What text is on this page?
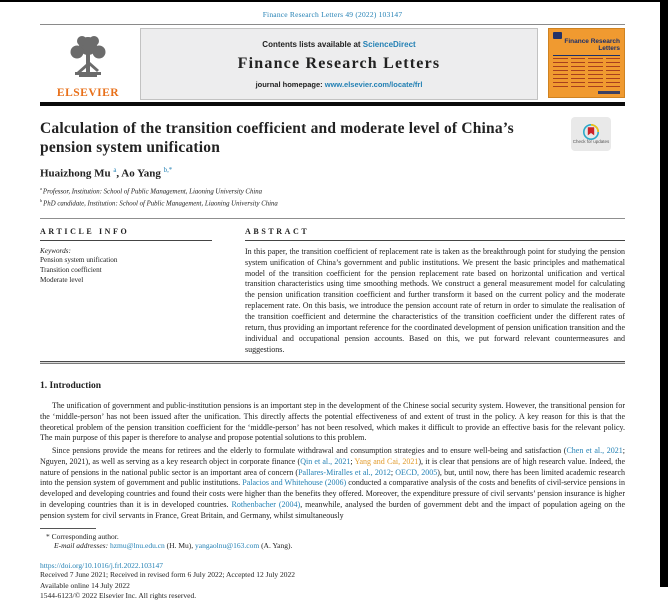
Finance Research Letters 49 (2022) 103147
ELSEVIER
Contents lists available at ScienceDirect
Finance Research Letters
journal homepage: www.elsevier.com/locate/frl
Finance Research Letters
Calculation of the transition coefficient and moderate level of China’s pension system unification	Check for updates
Huaizhong Mu $^a$, Ao Yang $^{b,*}$
$^a$ Professor, Institution: School of Public Management, Liaoning University China
$^b$ PhD candidate, Institution: School of Public Management, Liaoning University China
ARTICLE INFO
Keywords:
Pension system unification
Transition coefficient
Moderate level
ABSTRACT
In this paper, the transition coefficient of replacement rate is taken as the breakthrough point for studying the pension system unification of China’s government and public institutions. We present the basic principles and mathematical model of the transition coefficient for the pension replacement rate based on horizontal unification and vertical transition characteristics using time smoothing methods. We construct a general measurement model for calculating the pension unification transition coefficient and further transform it based on the current policy and the moderate replacement rate. On this basis, we introduce the pension account rate of return in order to simulate the realisation of the transition coefficient and determine the characteristics of the transition coefficient under the different rates of return, thus providing an important reference for the coordinated development of pension unification transition and the individual and occupational pension accounts. Based on this, we put forward relevant countermeasures and suggestions.
1. Introduction

The unification of government and public-institution pensions is an important step in the development of the Chinese social security system. However, the transitional pension for the ‘middle-person’ has not been issued after the unification. This directly affects the potential effectiveness of and extent of trust in the policy. A key reason for this is that the theoretical problem of the pension transition coefficient for the ‘middle-person’ has not been resolved, which makes it difficult to provide an effective basis for the relevant policy. The main purpose of this paper is therefore to analyse and propose potential solutions to this problem.

Since pensions provide the means for retirees and the elderly to formulate withdrawal and consumption strategies and to ensure well-being and satisfaction (Chen et al., 2021; Nguyen, 2021), as well as serving as a key research object in corporate finance (Qin et al., 2021; Yang and Cai, 2021), it is clear that pensions are of high research value. Indeed, the nature of pensions in the national public sector is an important area of concern (Pallares-Miralles et al., 2012; OECD, 2005), but, until now, there has been limited academic research into the pension system of government and public institutions. Palacios and Whitehouse (2006) conducted a comparative analysis of the costs and benefits of civil-service pensions in developed and developing countries and found their costs were higher than the benefits they offered. Moreover, the expenditure pressure of civil servants’ pension insurance is higher in developing countries than it is in developed countries. Rothenbacher (2004), meanwhile, analysed the burden of government debt and the impact of population ageing on the pension system for civil servants in France, Great Britain, and Germany, whilst simultaneously

* Corresponding author.
E-mail addresses: hzmu@lnu.edu.cn (H. Mu), yangaolnu@163.com (A. Yang).
https://doi.org/10.1016/j.frl.2022.103147
Received 7 June 2021; Received in revised form 6 July 2022; Accepted 12 July 2022
Available online 14 July 2022
1544-6123/© 2022 Elsevier Inc. All rights reserved.
